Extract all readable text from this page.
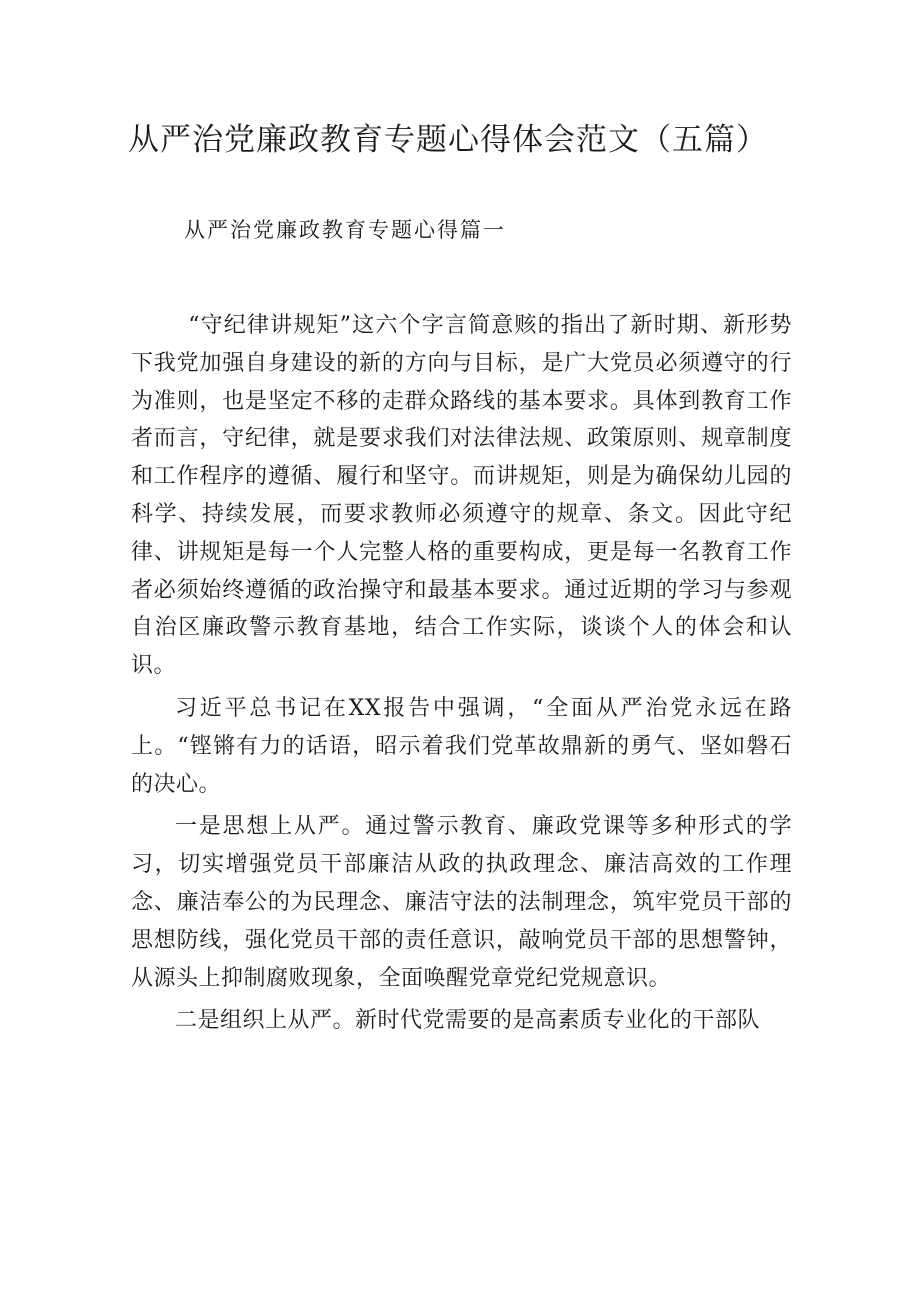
从严治党廉政教育专题心得体会范文（五篇）
从严治党廉政教育专题心得篇一

“守纪律讲规矩”这六个字言简意赅的指出了新时期、新形势下我党加强自身建设的新的方向与目标，是广大党员必须遵守的行为准则，也是坚定不移的走群众路线的基本要求。具体到教育工作者而言，守纪律，就是要求我们对法律法规、政策原则、规章制度和工作程序的遵循、履行和坚守。而讲规矩，则是为确保幼儿园的科学、持续发展，而要求教师必须遵守的规章、条文。因此守纪律、讲规矩是每一个人完整人格的重要构成，更是每一名教育工作者必须始终遵循的政治操守和最基本要求。通过近期的学习与参观自治区廉政警示教育基地，结合工作实际，谈谈个人的体会和认识。

习近平总书记在XX报告中强调，“全面从严治党永远在路上。“铿锵有力的话语，昭示着我们党革故鼎新的勇气、坚如磐石的决心。

一是思想上从严。通过警示教育、廉政党课等多种形式的学习，切实增强党员干部廉洁从政的执政理念、廉洁高效的工作理念、廉洁奉公的为民理念、廉洁守法的法制理念，筑牢党员干部的思想防线，强化党员干部的责任意识，敲响党员干部的思想警钟，从源头上抑制腐败现象，全面唤醒党章党纪党规意识。

二是组织上从严。新时代党需要的是高素质专业化的干部队
